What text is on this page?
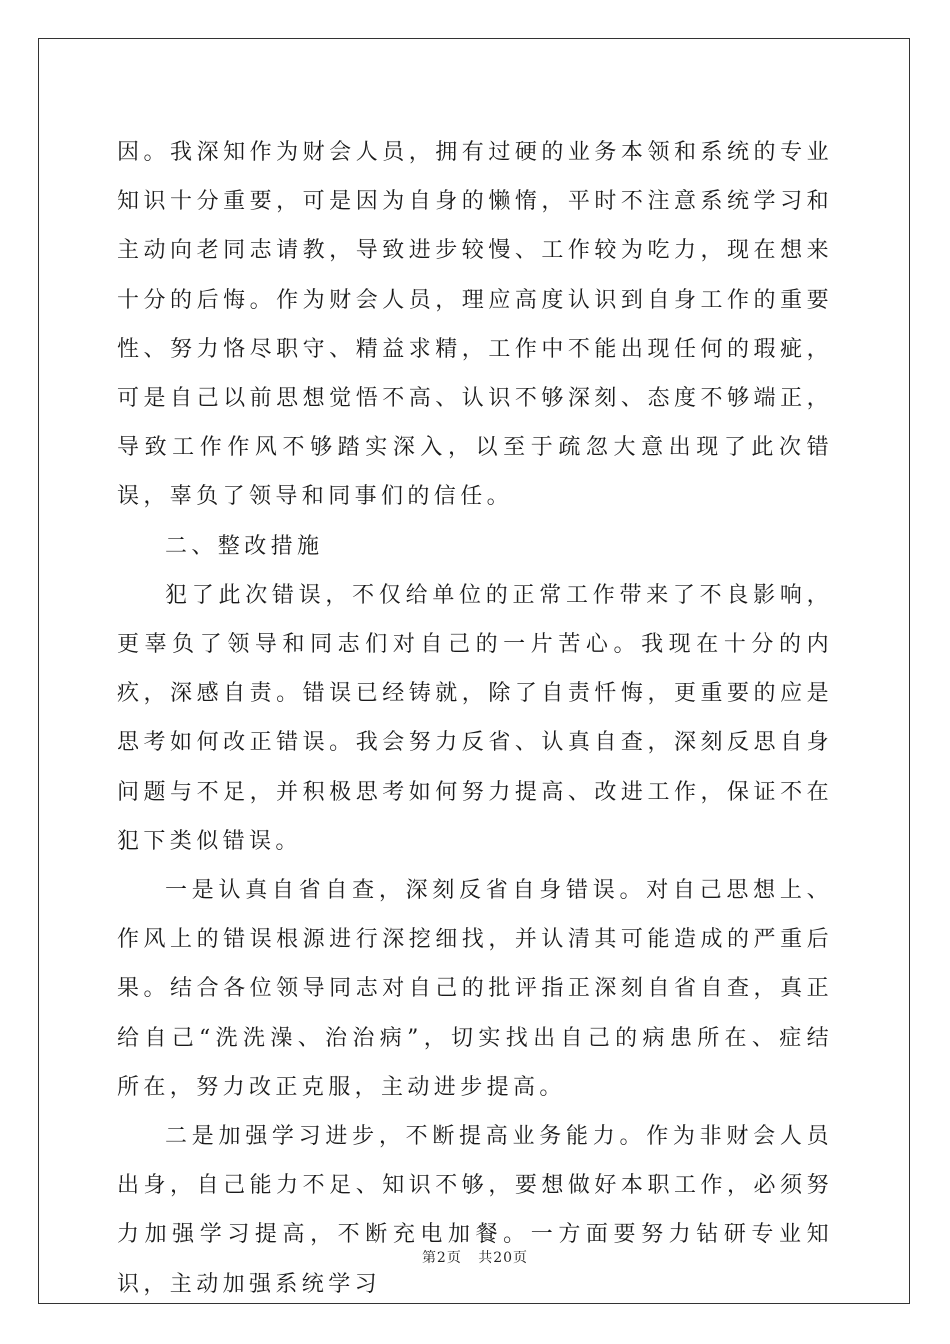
因。我深知作为财会人员，拥有过硬的业务本领和系统的专业知识十分重要，可是因为自身的懒惰，平时不注意系统学习和主动向老同志请教，导致进步较慢、工作较为吃力，现在想来十分的后悔。作为财会人员，理应高度认识到自身工作的重要性、努力恪尽职守、精益求精，工作中不能出现任何的瑕疵，可是自己以前思想觉悟不高、认识不够深刻、态度不够端正，导致工作作风不够踏实深入，以至于疏忽大意出现了此次错误，辜负了领导和同事们的信任。

二、整改措施

犯了此次错误，不仅给单位的正常工作带来了不良影响，更辜负了领导和同志们对自己的一片苦心。我现在十分的内疚，深感自责。错误已经铸就，除了自责忏悔，更重要的应是思考如何改正错误。我会努力反省、认真自查，深刻反思自身问题与不足，并积极思考如何努力提高、改进工作，保证不在犯下类似错误。

一是认真自省自查，深刻反省自身错误。对自己思想上、作风上的错误根源进行深挖细找，并认清其可能造成的严重后果。结合各位领导同志对自己的批评指正深刻自省自查，真正给自己“洗洗澡、治治病”，切实找出自己的病患所在、症结所在，努力改正克服，主动进步提高。

二是加强学习进步，不断提高业务能力。作为非财会人员出身，自己能力不足、知识不够，要想做好本职工作，必须努力加强学习提高，不断充电加餐。一方面要努力钻研专业知识，主动加强系统学习

第2页 共20页
